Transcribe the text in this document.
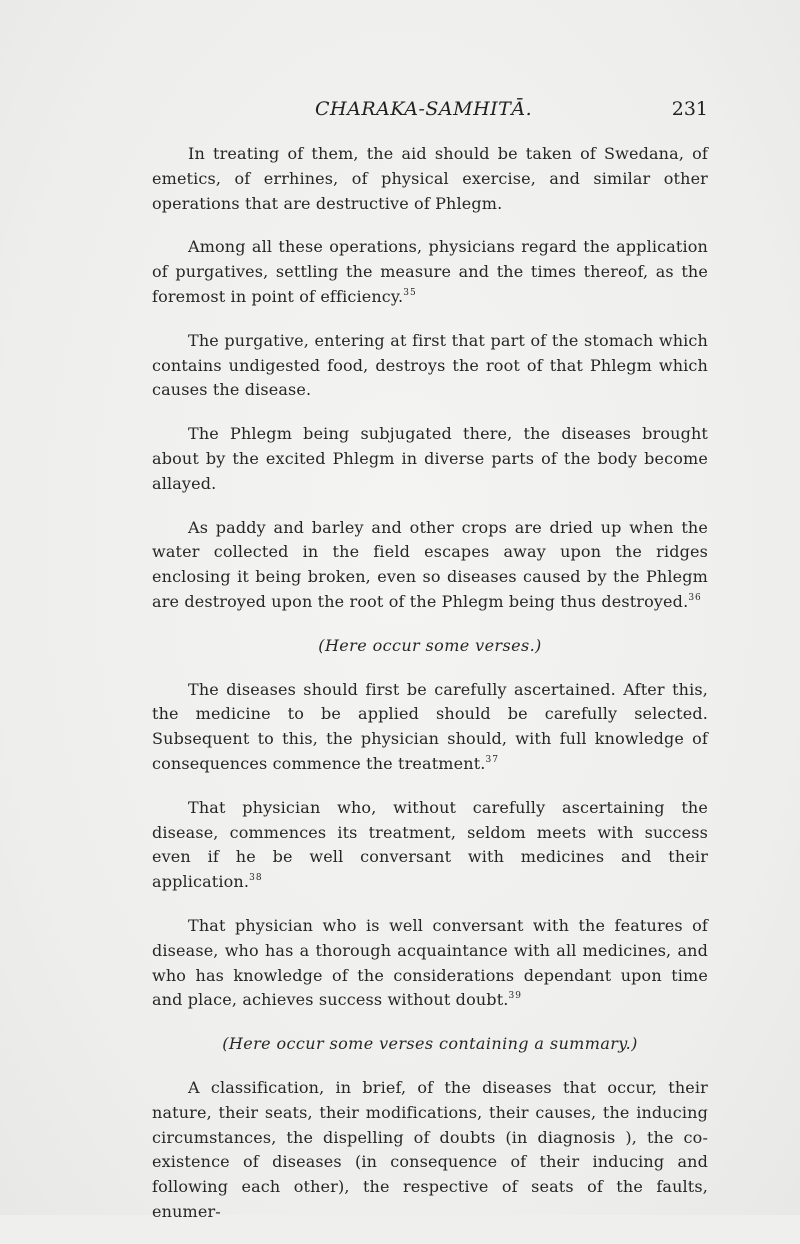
CHARAKA-SAMHITĀ.	231

In treating of them, the aid should be taken of Swedana, of emetics, of errhines, of physical exercise, and similar other operations that are destructive of Phlegm.

Among all these operations, physicians regard the application of purgatives, settling the measure and the times thereof, as the foremost in point of efficiency.$^{35}$

The purgative, entering at first that part of the stomach which contains undigested food, destroys the root of that Phlegm which causes the disease.

The Phlegm being subjugated there, the diseases brought about by the excited Phlegm in diverse parts of the body become allayed.

As paddy and barley and other crops are dried up when the water collected in the field escapes away upon the ridges enclosing it being broken, even so diseases caused by the Phlegm are destroyed upon the root of the Phlegm being thus destroyed.$^{36}$

(Here occur some verses.)

The diseases should first be carefully ascertained. After this, the medicine to be applied should be carefully selected. Subsequent to this, the physician should, with full knowledge of consequences commence the treatment.$^{37}$

That physician who, without carefully ascertaining the disease, commences its treatment, seldom meets with success even if he be well conversant with medicines and their application.$^{38}$

That physician who is well conversant with the features of disease, who has a thorough acquaintance with all medicines, and who has knowledge of the considerations dependant upon time and place, achieves success without doubt.$^{39}$

(Here occur some verses containing a summary.)

A classification, in brief, of the diseases that occur, their nature, their seats, their modifications, their causes, the inducing circumstances, the dispelling of doubts (in diagnosis ), the co-existence of diseases (in consequence of their inducing and following each other), the respective of seats of the faults, enumer-
